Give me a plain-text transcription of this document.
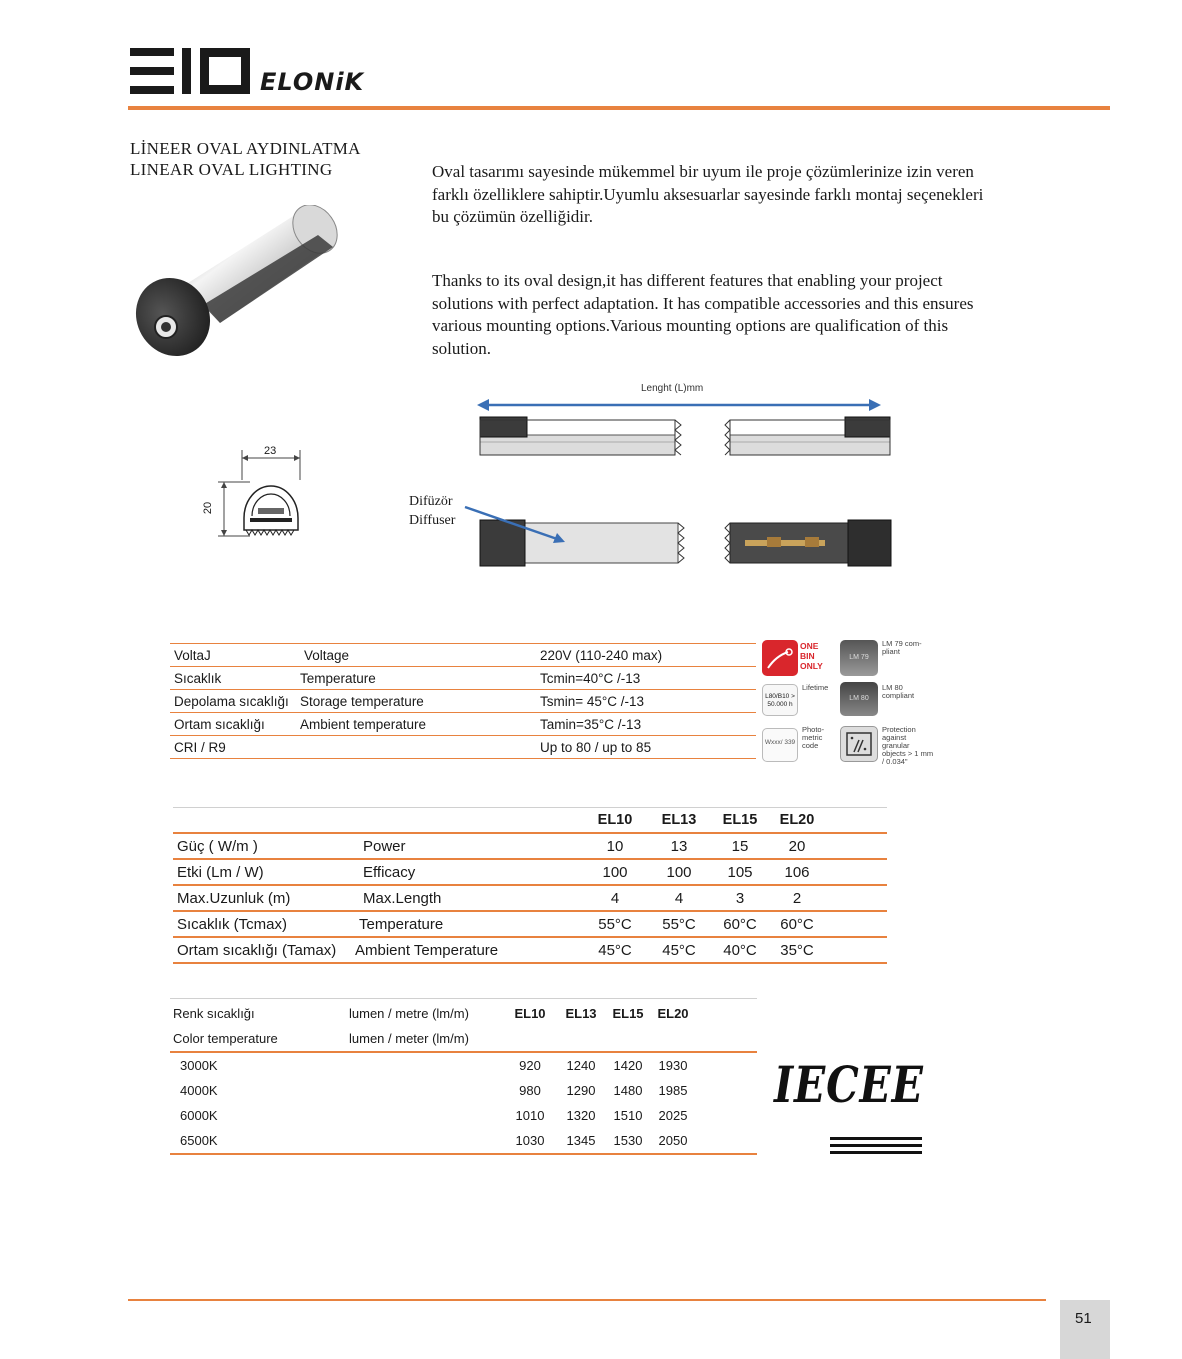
ELONiK
LİNEER OVAL AYDINLATMA
LINEAR OVAL LIGHTING	Oval tasarımı sayesinde mükemmel bir uyum ile proje çözümlerinize izin veren farklı özelliklere sahiptir.Uyumlu aksesuarlar sayesinde farklı montaj seçenekleri bu çözümün özelliğidir.
Thanks to its oval design,it has different features that enabling your project solutions with perfect adaptation. It has compatible accessories and this ensures various mounting options.Various mounting options are qualification of this solution.
23
20
Lenght (L)mm
Difüzör
Diffuser
VoltaJ	Voltage	220V (110-240 max)
Sıcaklık	Temperature	Tcmin=40°C /-13
Depolama sıcaklığı	Storage temperature	Tsmin= 45°C /-13
Ortam sıcaklığı	Ambient temperature	Tamin=35°C /-13
CRI / R9		Up to 80 / up to 85
ONE BIN ONLY
LM 79
LM 79 com- pliant
L80/B10 > 50.000 h
Lifetime
LM 80
LM 80 compliant
Wxxx/ 339
Photo- metric code
Protection against granular objects > 1 mm / 0.034"
		EL10	EL13	EL15	EL20	
Güç ( W/m )	Power	10	13	15	20	
Etki (Lm / W)	Efficacy	100	100	105	106	
Max.Uzunluk (m)	Max.Length	4	4	3	2	
Sıcaklık (Tcmax)	Temperature	55°C	55°C	60°C	60°C	
Ortam sıcaklığı (Tamax)	Ambient Temperature	45°C	45°C	40°C	35°C	
Renk sıcaklığı	lumen / metre (lm/m)	EL10	EL13	EL15	EL20	
Color temperature	lumen / meter (lm/m)					
3000K		920	1240	1420	1930	
4000K		980	1290	1480	1985	
6000K		1010	1320	1510	2025	
6500K		1030	1345	1530	2050	
IECEE
51
